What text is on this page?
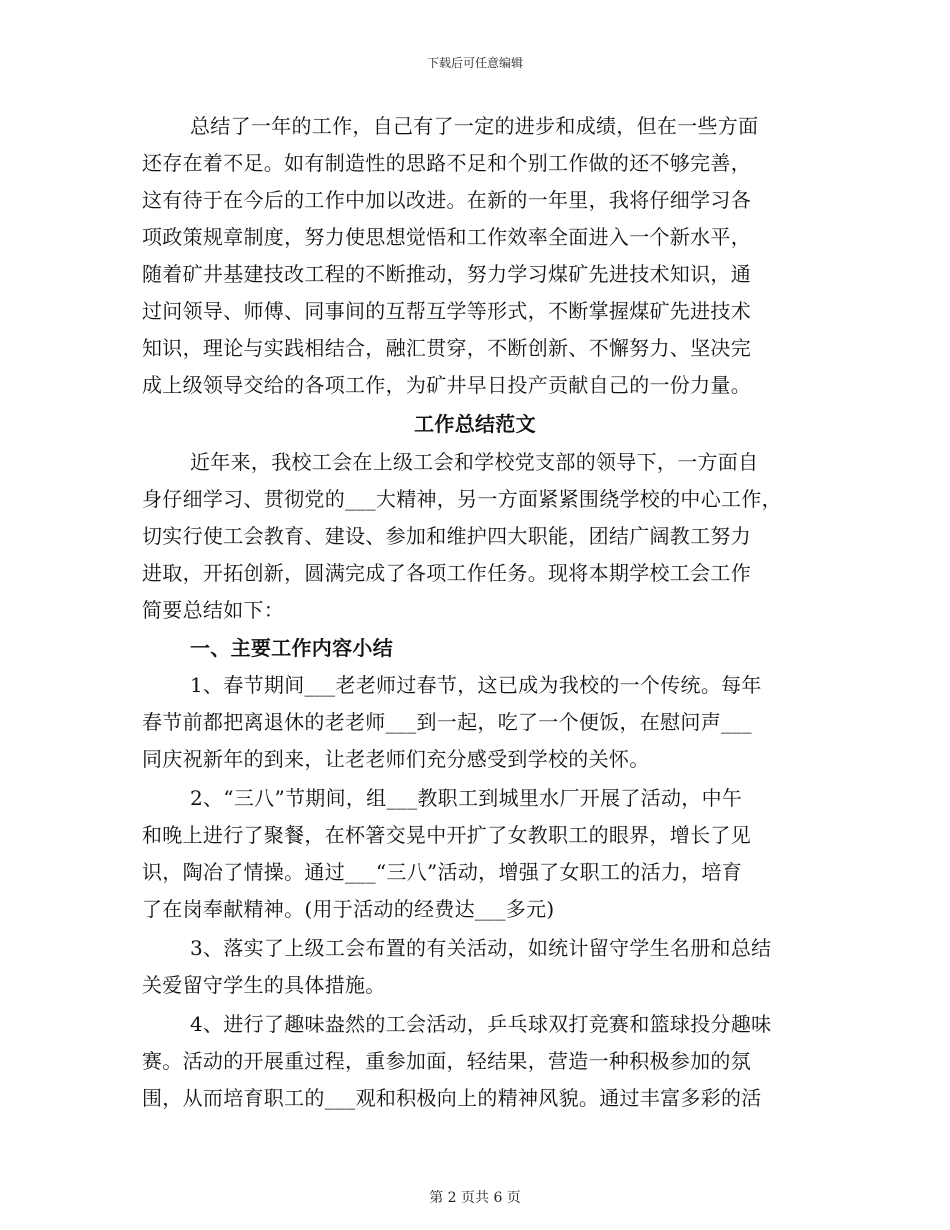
下载后可任意编辑
总结了一年的工作，自己有了一定的进步和成绩，但在一些方面
还存在着不足。如有制造性的思路不足和个别工作做的还不够完善，
这有待于在今后的工作中加以改进。在新的一年里，我将仔细学习各
项政策规章制度，努力使思想觉悟和工作效率全面进入一个新水平，
随着矿井基建技改工程的不断推动，努力学习煤矿先进技术知识，通
过问领导、师傅、同事间的互帮互学等形式，不断掌握煤矿先进技术
知识，理论与实践相结合，融汇贯穿，不断创新、不懈努力、坚决完
成上级领导交给的各项工作，为矿井早日投产贡献自己的一份力量。
工作总结范文
近年来，我校工会在上级工会和学校党支部的领导下，一方面自
身仔细学习、贯彻党的___大精神，另一方面紧紧围绕学校的中心工作，
切实行使工会教育、建设、参加和维护四大职能，团结广阔教工努力
进取，开拓创新，圆满完成了各项工作任务。现将本期学校工会工作
简要总结如下：
一、主要工作内容小结
1、春节期间___老老师过春节，这已成为我校的一个传统。每年
春节前都把离退休的老老师___到一起，吃了一个便饭，在慰问声___
同庆祝新年的到来，让老老师们充分感受到学校的关怀。
2、“三八”节期间，组___教职工到城里水厂开展了活动，中午
和晚上进行了聚餐，在杯箸交晃中开扩了女教职工的眼界，增长了见
识，陶冶了情操。通过___“三八”活动，增强了女职工的活力，培育
了在岗奉献精神。(用于活动的经费达___多元)
3、落实了上级工会布置的有关活动，如统计留守学生名册和总结
关爱留守学生的具体措施。
4、进行了趣味盎然的工会活动，乒乓球双打竞赛和篮球投分趣味
赛。活动的开展重过程，重参加面，轻结果，营造一种积极参加的氛
围，从而培育职工的___观和积极向上的精神风貌。通过丰富多彩的活
第 2 页共 6 页
